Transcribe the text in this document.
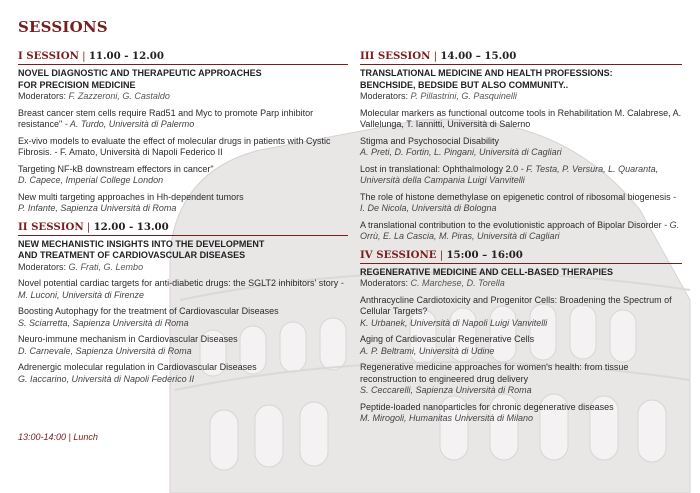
SESSIONS
I SESSION | 11.00 - 12.00
NOVEL DIAGNOSTIC AND THERAPEUTIC APPROACHES
FOR PRECISION MEDICINE
Moderators: F. Zazzeroni, G. Castaldo
Breast cancer stem cells require Rad51 and Myc to promote Parp inhibitor resistance" - A. Turdo, Università di Palermo
Ex-vivo models to evaluate the effect of molecular drugs in patients with Cystic Fibrosis. - F. Amato, Università di Napoli Federico II
Targeting NF-kB downstream effectors in cancer"
D. Capece, Imperial College London
New multi targeting approaches in Hh-dependent tumors
P. Infante, Sapienza Università di Roma
II SESSION | 12.00 - 13.00
NEW MECHANISTIC INSIGHTS INTO THE DEVELOPMENT
AND TREATMENT OF CARDIOVASCULAR DISEASES
Moderators: G. Frati, G. Lembo
Novel potential cardiac targets for anti-diabetic drugs: the SGLT2 inhibitors' story - M. Luconi, Università di Firenze
Boosting Autophagy for the treatment of Cardiovascular Diseases
S. Sciarretta, Sapienza Università di Roma
Neuro-immune mechanism in Cardiovascular Diseases
D. Carnevale, Sapienza Università di Roma
Adrenergic molecular regulation in Cardiovascular Diseases
G. Iaccarino, Università di Napoli Federico II
13:00-14:00 | Lunch
III SESSION | 14.00 – 15.00
TRANSLATIONAL MEDICINE AND HEALTH PROFESSIONS:
BENCHSIDE, BEDSIDE BUT ALSO COMMUNITY..
Moderators: P. Pillastrini, G. Pasquinelli
Molecular markers as functional outcome tools in Rehabilitation M. Calabrese, A. Vallelunga, T. Iannitti, Università di Salerno
Stigma and Psychosocial Disability
A. Preti, D. Fortin, L. Pingani, Università di Cagliari
Lost in translational: Ophthalmology 2.0 - F. Testa, P. Versura, L. Quaranta, Università della Campania Luigi Vanvitelli
The role of histone demethylase on epigenetic control of ribosomal biogenesis - I. De Nicola, Università di Bologna
A translational contribution to the evolutionistic approach of Bipolar Disorder - G. Orrù, E. La Cascia, M. Piras, Università di Cagliari
IV SESSIONE | 15:00 – 16:00
REGENERATIVE MEDICINE AND CELL-BASED THERAPIES
Moderators: C. Marchese, D. Torella
Anthracycline Cardiotoxicity and Progenitor Cells: Broadening the Spectrum of Cellular Targets?
K. Urbanek, Università di Napoli Luigi Vanvitelli
Aging of Cardiovascular Regenerative Cells
A. P. Beltrami, Università di Udine
Regenerative medicine approaches for women's health: from tissue reconstruction to engineered drug delivery
S. Ceccarelli, Sapienza Università di Roma
Peptide-loaded nanoparticles for chronic degenerative diseases
M. Mirogoli, Humanitas Università di Milano
